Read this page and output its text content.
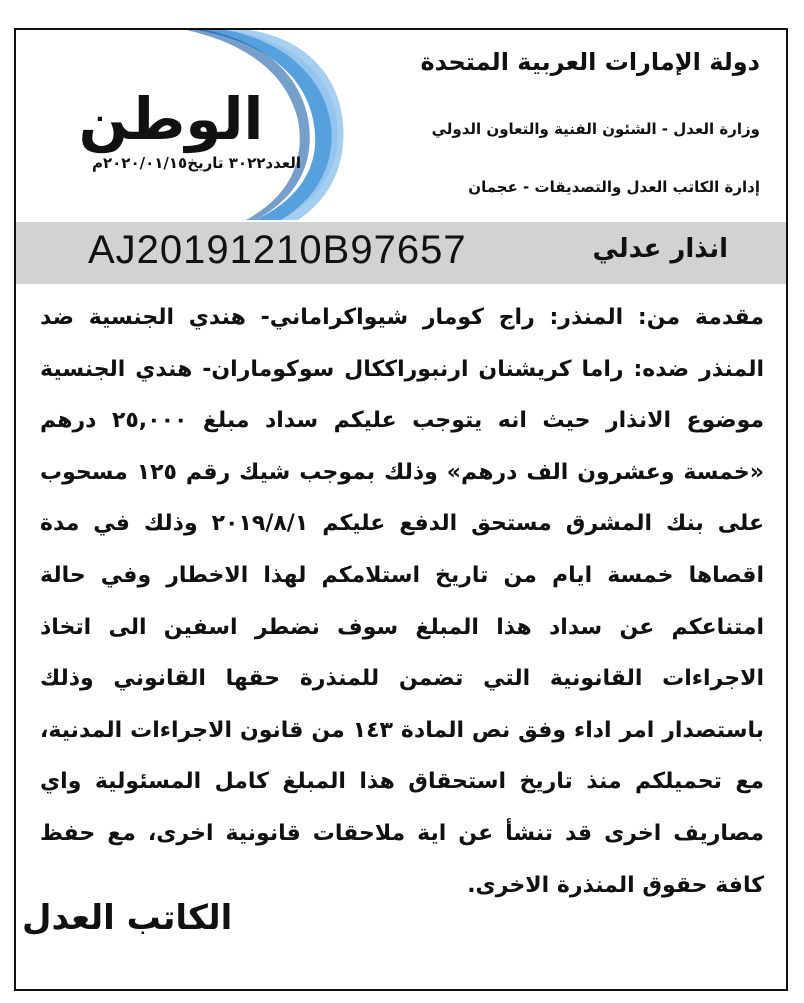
الوطن
العدد٣٠٢٢ تاريخ٢٠٢٠/٠١/١٥م
دولة الإمارات العربية المتحدة
وزارة العدل - الشئون الفنية والتعاون الدولي
إدارة الكاتب العدل والتصديقات - عجمان
AJ20191210B97657	انذار عدلي

مقدمة من: المنذر: راج كومار شيواكراماني- هندي الجنسية ضد المنذر ضده: راما كريشنان ارنبوراككال سوكوماران- هندي الجنسية موضوع الانذار حيث انه يتوجب عليكم سداد مبلغ ٢٥,٠٠٠ درهم «خمسة وعشرون الف درهم» وذلك بموجب شيك رقم ١٢٥ مسحوب على بنك المشرق مستحق الدفع عليكم ٢٠١٩/٨/١ وذلك في مدة اقصاها خمسة ايام من تاريخ استلامكم لهذا الاخطار وفي حالة امتناعكم عن سداد هذا المبلغ سوف نضطر اسفين الى اتخاذ الاجراءات القانونية التي تضمن للمنذرة حقها القانوني وذلك باستصدار امر اداء وفق نص المادة ١٤٣ من قانون الاجراءات المدنية، مع تحميلكم منذ تاريخ استحقاق هذا المبلغ كامل المسئولية واي مصاريف اخرى قد تنشأ عن اية ملاحقات قانونية اخرى، مع حفظ كافة حقوق المنذرة الاخرى.

الكاتب العدل
